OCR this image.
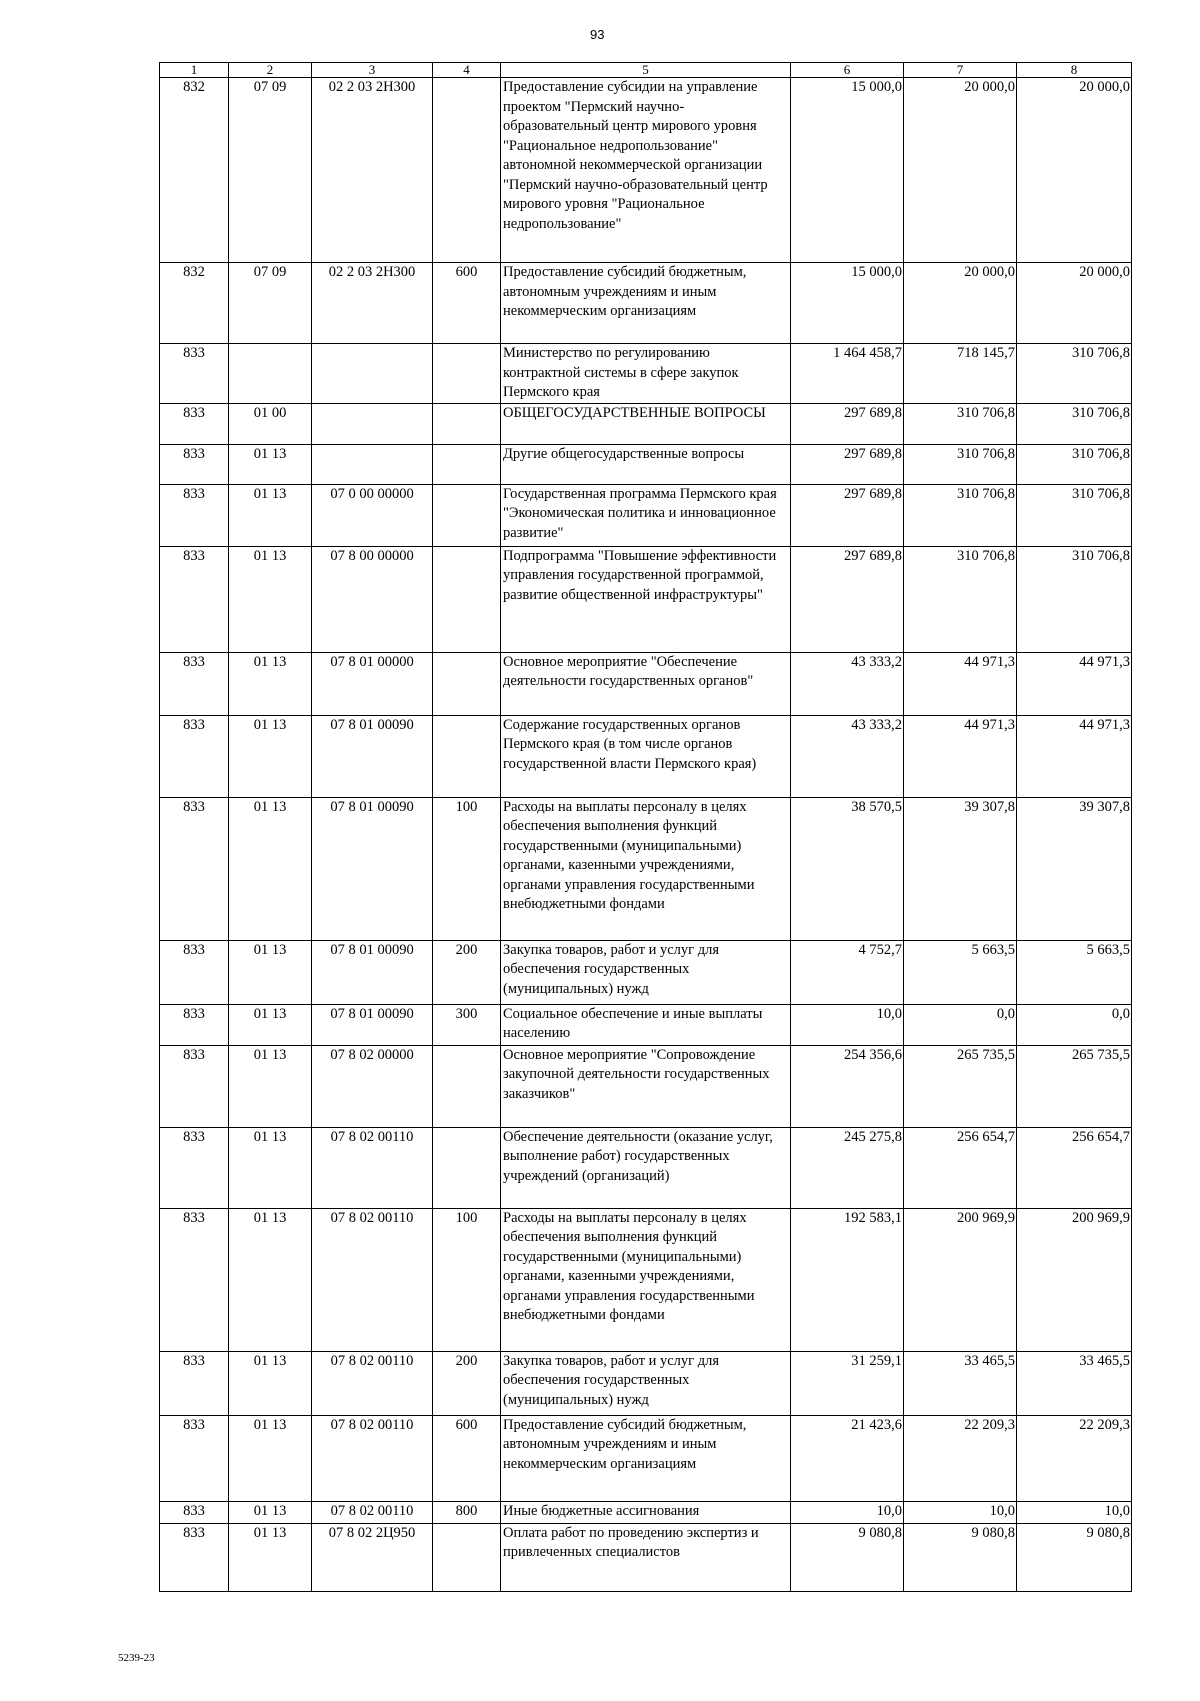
93
1	2	3	4	5	6	7	8
832	07 09	02 2 03 2Н300		Предоставление субсидии на управление проектом "Пермский научно-образовательный центр мирового уровня "Рациональное недропользование" автономной некоммерческой организации "Пермский научно-образовательный центр мирового уровня "Рациональное недропользование"	15 000,0	20 000,0	20 000,0
832	07 09	02 2 03 2Н300	600	Предоставление субсидий бюджетным, автономным учреждениям и иным некоммерческим организациям	15 000,0	20 000,0	20 000,0
833				Министерство по регулированию контрактной системы в сфере закупок Пермского края	1 464 458,7	718 145,7	310 706,8
833	01 00			ОБЩЕГОСУДАРСТВЕННЫЕ ВОПРОСЫ	297 689,8	310 706,8	310 706,8
833	01 13			Другие общегосударственные вопросы	297 689,8	310 706,8	310 706,8
833	01 13	07 0 00 00000		Государственная программа Пермского края "Экономическая политика и инновационное развитие"	297 689,8	310 706,8	310 706,8
833	01 13	07 8 00 00000		Подпрограмма "Повышение эффективности управления государственной программой, развитие общественной инфраструктуры"	297 689,8	310 706,8	310 706,8
833	01 13	07 8 01 00000		Основное мероприятие "Обеспечение деятельности государственных органов"	43 333,2	44 971,3	44 971,3
833	01 13	07 8 01 00090		Содержание государственных органов Пермского края (в том числе органов государственной власти Пермского края)	43 333,2	44 971,3	44 971,3
833	01 13	07 8 01 00090	100	Расходы на выплаты персоналу в целях обеспечения выполнения функций государственными (муниципальными) органами, казенными учреждениями, органами управления государственными внебюджетными фондами	38 570,5	39 307,8	39 307,8
833	01 13	07 8 01 00090	200	Закупка товаров, работ и услуг для обеспечения государственных (муниципальных) нужд	4 752,7	5 663,5	5 663,5
833	01 13	07 8 01 00090	300	Социальное обеспечение и иные выплаты населению	10,0	0,0	0,0
833	01 13	07 8 02 00000		Основное мероприятие "Сопровождение закупочной деятельности государственных заказчиков"	254 356,6	265 735,5	265 735,5
833	01 13	07 8 02 00110		Обеспечение деятельности (оказание услуг, выполнение работ) государственных учреждений (организаций)	245 275,8	256 654,7	256 654,7
833	01 13	07 8 02 00110	100	Расходы на выплаты персоналу в целях обеспечения выполнения функций государственными (муниципальными) органами, казенными учреждениями, органами управления государственными внебюджетными фондами	192 583,1	200 969,9	200 969,9
833	01 13	07 8 02 00110	200	Закупка товаров, работ и услуг для обеспечения государственных (муниципальных) нужд	31 259,1	33 465,5	33 465,5
833	01 13	07 8 02 00110	600	Предоставление субсидий бюджетным, автономным учреждениям и иным некоммерческим организациям	21 423,6	22 209,3	22 209,3
833	01 13	07 8 02 00110	800	Иные бюджетные ассигнования	10,0	10,0	10,0
833	01 13	07 8 02 2Ц950		Оплата работ по проведению экспертиз и привлеченных специалистов	9 080,8	9 080,8	9 080,8
5239-23
